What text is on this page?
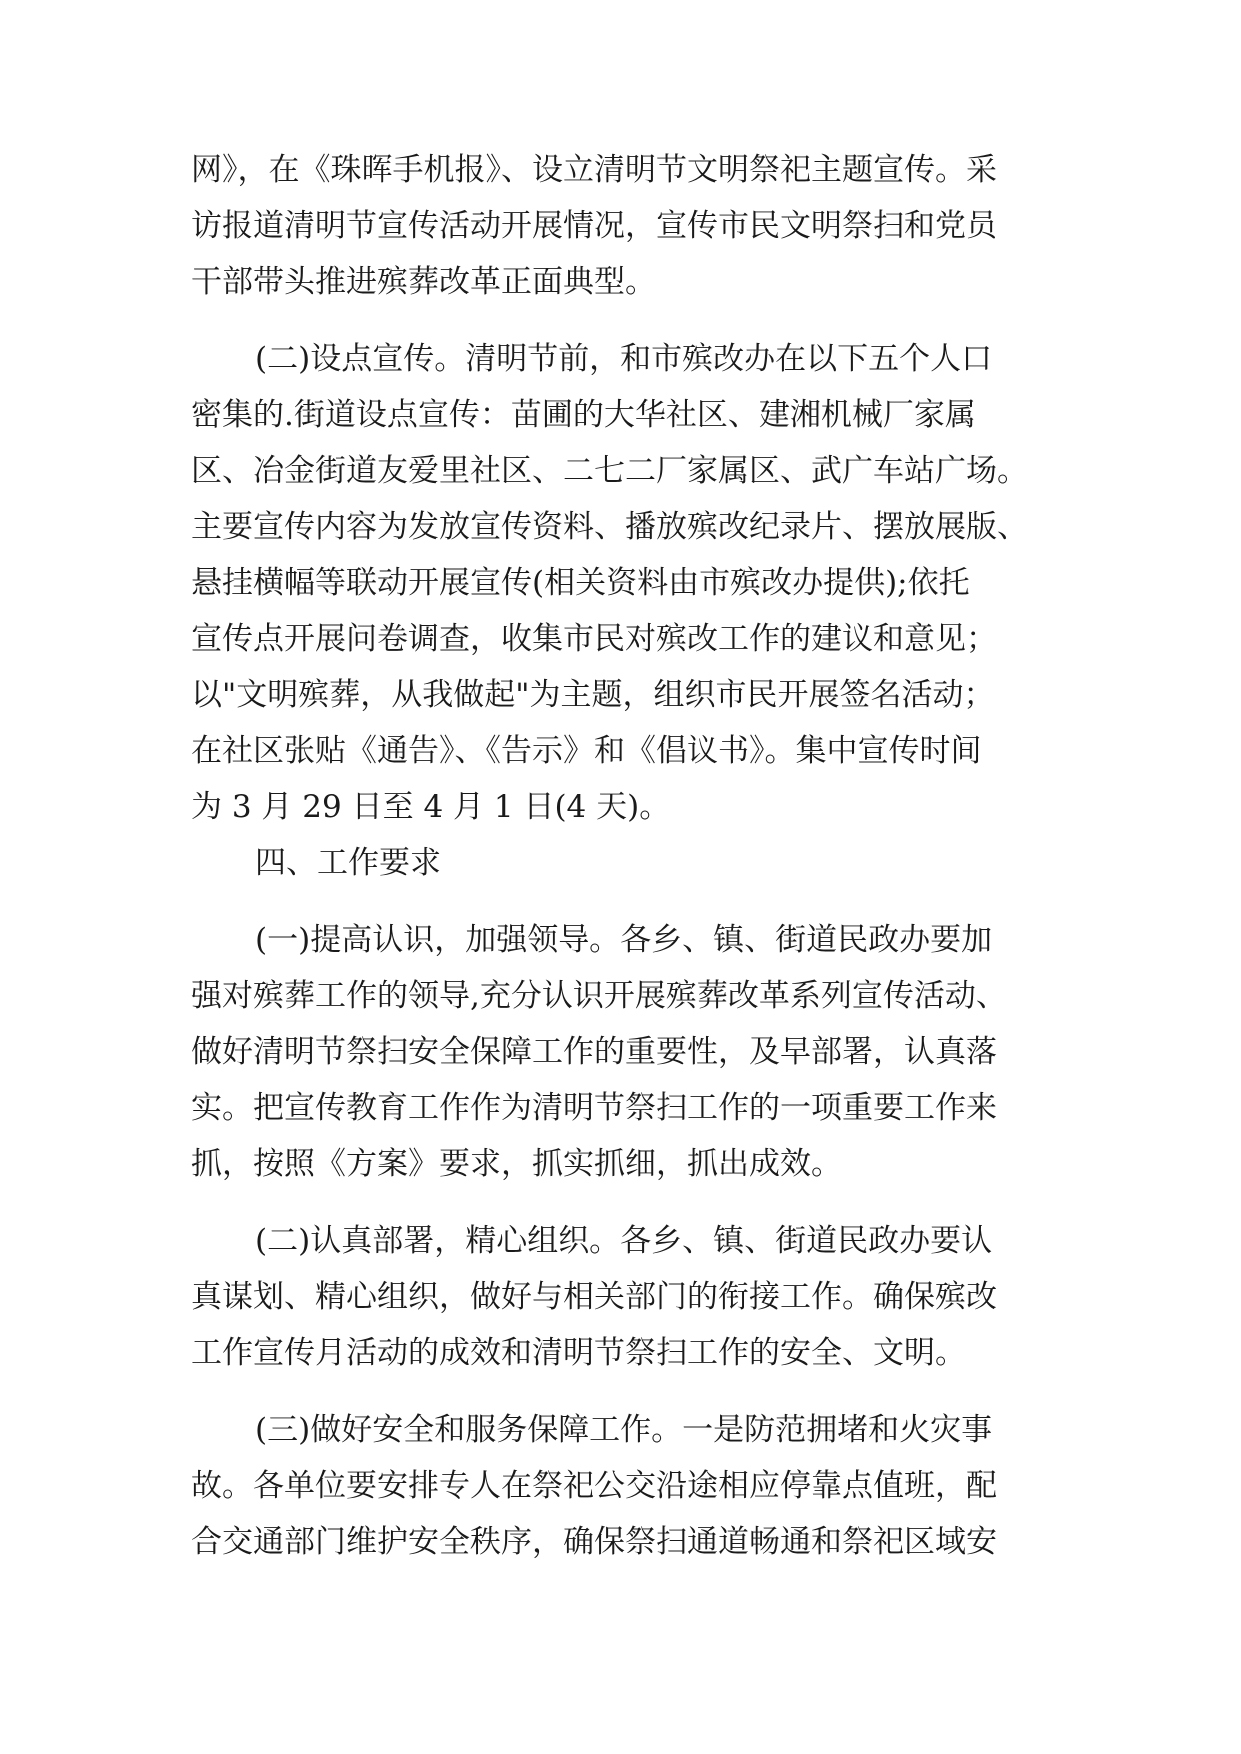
网》，在《珠晖手机报》、设立清明节文明祭祀主题宣传。采
访报道清明节宣传活动开展情况，宣传市民文明祭扫和党员
干部带头推进殡葬改革正面典型。
(二)设点宣传。清明节前，和市殡改办在以下五个人口
密集的.街道设点宣传：苗圃的大华社区、建湘机械厂家属
区、冶金街道友爱里社区、二七二厂家属区、武广车站广场。
主要宣传内容为发放宣传资料、播放殡改纪录片、摆放展版、
悬挂横幅等联动开展宣传(相关资料由市殡改办提供);依托
宣传点开展问卷调查，收集市民对殡改工作的建议和意见；
以"文明殡葬，从我做起"为主题，组织市民开展签名活动；
在社区张贴《通告》、《告示》和《倡议书》。集中宣传时间
为 3 月 29 日至 4 月 1 日(4 天)。
四、工作要求
(一)提高认识，加强领导。各乡、镇、街道民政办要加
强对殡葬工作的领导,充分认识开展殡葬改革系列宣传活动、
做好清明节祭扫安全保障工作的重要性，及早部署，认真落
实。把宣传教育工作作为清明节祭扫工作的一项重要工作来
抓，按照《方案》要求，抓实抓细，抓出成效。
(二)认真部署，精心组织。各乡、镇、街道民政办要认
真谋划、精心组织，做好与相关部门的衔接工作。确保殡改
工作宣传月活动的成效和清明节祭扫工作的安全、文明。
(三)做好安全和服务保障工作。一是防范拥堵和火灾事
故。各单位要安排专人在祭祀公交沿途相应停靠点值班，配
合交通部门维护安全秩序，确保祭扫通道畅通和祭祀区域安
